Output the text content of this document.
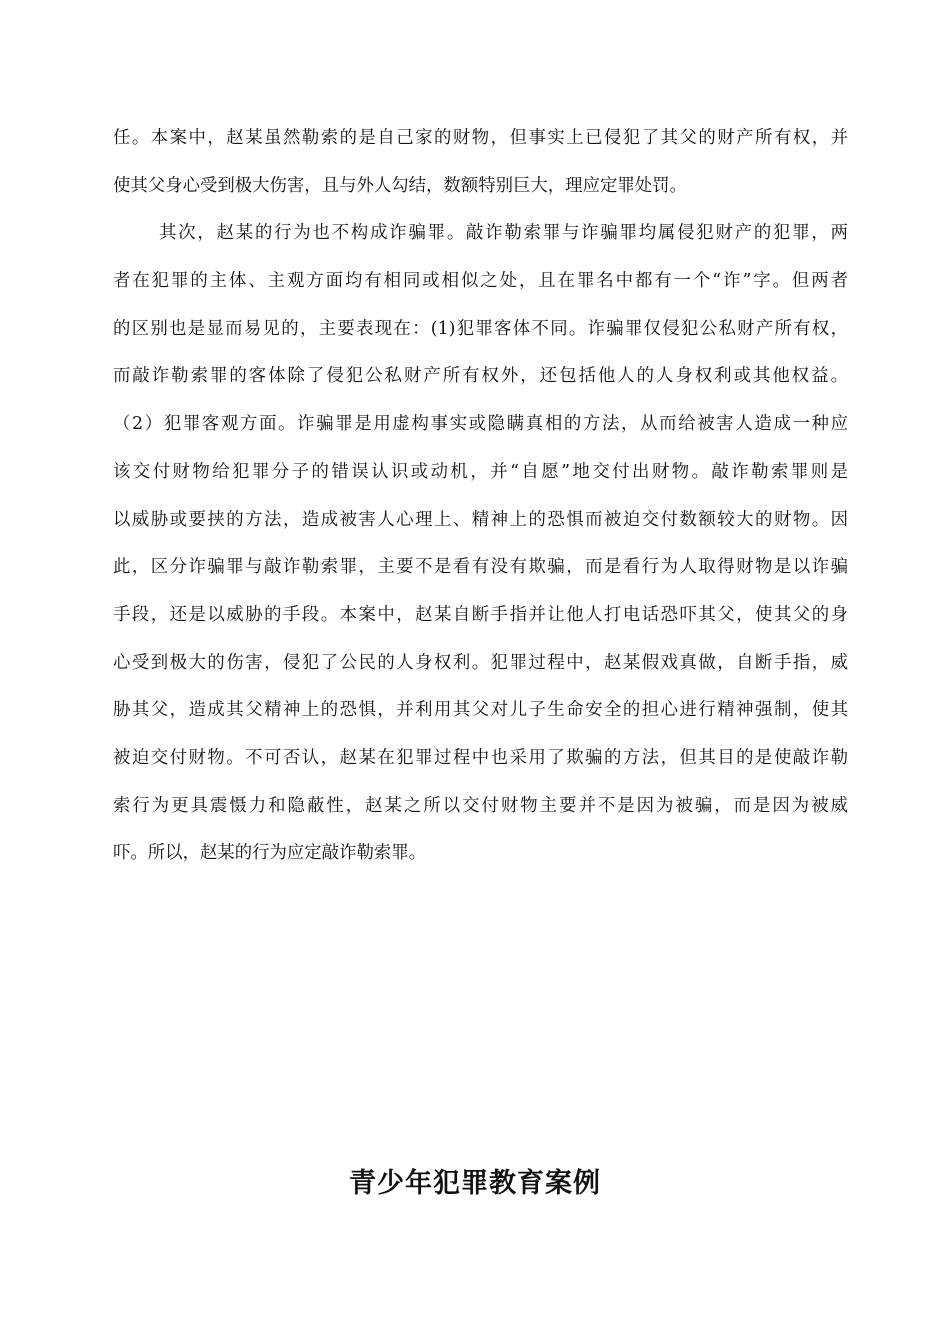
任。本案中，赵某虽然勒索的是自己家的财物，但事实上已侵犯了其父的财产所有权，并
使其父身心受到极大伤害，且与外人勾结，数额特别巨大，理应定罪处罚。
其次，赵某的行为也不构成诈骗罪。敲诈勒索罪与诈骗罪均属侵犯财产的犯罪，两
者在犯罪的主体、主观方面均有相同或相似之处，且在罪名中都有一个“诈”字。但两者
的区别也是显而易见的，主要表现在：(1)犯罪客体不同。诈骗罪仅侵犯公私财产所有权，
而敲诈勒索罪的客体除了侵犯公私财产所有权外，还包括他人的人身权利或其他权益。
（2）犯罪客观方面。诈骗罪是用虚构事实或隐瞒真相的方法，从而给被害人造成一种应
该交付财物给犯罪分子的错误认识或动机，并“自愿”地交付出财物。敲诈勒索罪则是
以威胁或要挟的方法，造成被害人心理上、精神上的恐惧而被迫交付数额较大的财物。因
此，区分诈骗罪与敲诈勒索罪，主要不是看有没有欺骗，而是看行为人取得财物是以诈骗
手段，还是以威胁的手段。本案中，赵某自断手指并让他人打电话恐吓其父，使其父的身
心受到极大的伤害，侵犯了公民的人身权利。犯罪过程中，赵某假戏真做，自断手指，威
胁其父，造成其父精神上的恐惧，并利用其父对儿子生命安全的担心进行精神强制，使其
被迫交付财物。不可否认，赵某在犯罪过程中也采用了欺骗的方法，但其目的是使敲诈勒
索行为更具震慑力和隐蔽性，赵某之所以交付财物主要并不是因为被骗，而是因为被威
吓。所以，赵某的行为应定敲诈勒索罪。
青少年犯罪教育案例
